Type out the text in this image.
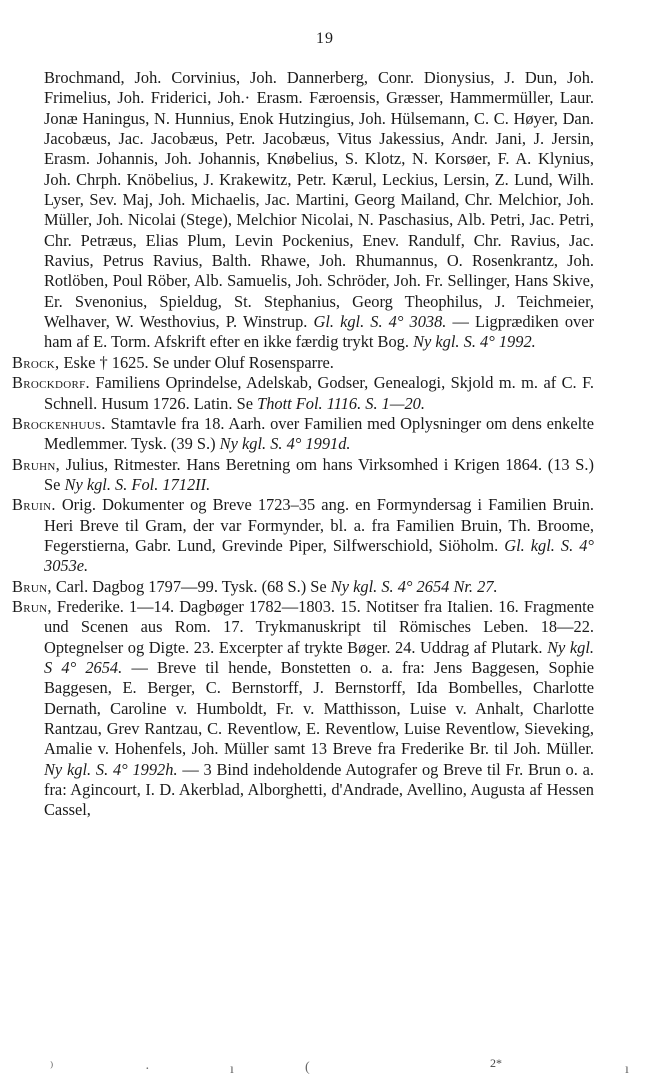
19
Brochmand, Joh. Corvinius, Joh. Dannerberg, Conr. Dionysius, J. Dun, Joh. Frimelius, Joh. Friderici, Joh.· Erasm. Færoensis, Græsser, Hammermüller, Laur. Jonæ Haningus, N. Hunnius, Enok Hutzingius, Joh. Hülsemann, C. C. Høyer, Dan. Jacobæus, Jac. Jacobæus, Petr. Jacobæus, Vitus Jakessius, Andr. Jani, J. Jersin, Erasm. Johannis, Joh. Johannis, Knøbelius, S. Klotz, N. Korsøer, F. A. Klynius, Joh. Chrph. Knöbelius, J. Krakewitz, Petr. Kærul, Leckius, Lersin, Z. Lund, Wilh. Lyser, Sev. Maj, Joh. Michaelis, Jac. Martini, Georg Mailand, Chr. Melchior, Joh. Müller, Joh. Nicolai (Stege), Melchior Nicolai, N. Paschasius, Alb. Petri, Jac. Petri, Chr. Petræus, Elias Plum, Levin Pockenius, Enev. Randulf, Chr. Ravius, Jac. Ravius, Petrus Ravius, Balth. Rhawe, Joh. Rhumannus, O. Rosenkrantz, Joh. Rotlöben, Poul Röber, Alb. Samuelis, Joh. Schröder, Joh. Fr. Sellinger, Hans Skive, Er. Svenonius, Spieldug, St. Stephanius, Georg Theophilus, J. Teichmeier, Welhaver, W. Westhovius, P. Winstrup. Gl. kgl. S. 4° 3038. — Ligprædiken over ham af E. Torm. Afskrift efter en ikke færdig trykt Bog. Ny kgl. S. 4° 1992.
Brock, Eske † 1625. Se under Oluf Rosensparre.
Brockdorf. Familiens Oprindelse, Adelskab, Godser, Genealogi, Skjold m. m. af C. F. Schnell. Husum 1726. Latin. Se Thott Fol. 1116. S. 1—20.
Brockenhuus. Stamtavle fra 18. Aarh. over Familien med Oplysninger om dens enkelte Medlemmer. Tysk. (39 S.) Ny kgl. S. 4° 1991d.
Bruhn, Julius, Ritmester. Hans Beretning om hans Virksomhed i Krigen 1864. (13 S.) Se Ny kgl. S. Fol. 1712II.
Bruin. Orig. Dokumenter og Breve 1723–35 ang. en Formyndersag i Familien Bruin. Heri Breve til Gram, der var Formynder, bl. a. fra Familien Bruin, Th. Broome, Fegerstierna, Gabr. Lund, Grevinde Piper, Silfwerschiold, Siöholm. Gl. kgl. S. 4° 3053e.
Brun, Carl. Dagbog 1797—99. Tysk. (68 S.) Se Ny kgl. S. 4° 2654 Nr. 27.
Brun, Frederike. 1—14. Dagbøger 1782—1803. 15. Notitser fra Italien. 16. Fragmente und Scenen aus Rom. 17. Trykmanuskript til Römisches Leben. 18—22. Optegnelser og Digte. 23. Excerpter af trykte Bøger. 24. Uddrag af Plutark. Ny kgl. S 4° 2654. — Breve til hende, Bonstetten o. a. fra: Jens Baggesen, Sophie Baggesen, E. Berger, C. Bernstorff, J. Bernstorff, Ida Bombelles, Charlotte Dernath, Caroline v. Humboldt, Fr. v. Matthisson, Luise v. Anhalt, Charlotte Rantzau, Grev Rantzau, C. Reventlow, E. Reventlow, Luise Reventlow, Sieveking, Amalie v. Hohenfels, Joh. Müller samt 13 Breve fra Frederike Br. til Joh. Müller. Ny kgl. S. 4° 1992h. — 3 Bind indeholdende Autografer og Breve til Fr. Brun o. a. fra: Agincourt, I. D. Akerblad, Alborghetti, d'Andrade, Avellino, Augusta af Hessen Cassel,
⁾	·	ı	(	ı
2*
